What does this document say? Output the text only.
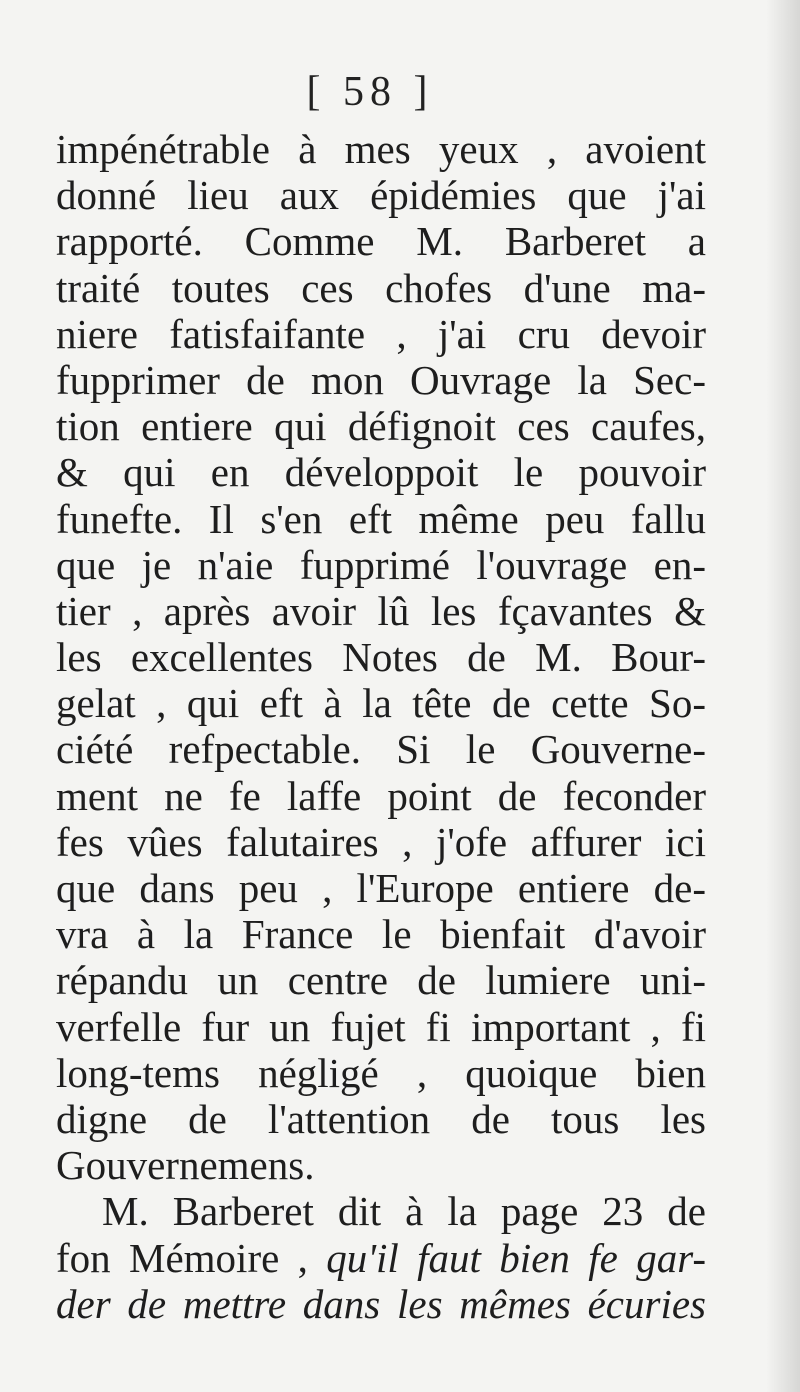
[ 58 ]
impénétrable à mes yeux , avoient
donné lieu aux épidémies que j'ai
rapporté. Comme M. Barberet a
traité toutes ces chofes d'une ma-
niere fatisfaifante , j'ai cru devoir
fupprimer de mon Ouvrage la Sec-
tion entiere qui défignoit ces caufes,
& qui en développoit le pouvoir
funefte. Il s'en eft même peu fallu
que je n'aie fupprimé l'ouvrage en-
tier , après avoir lû les fçavantes &
les excellentes Notes de M. Bour-
gelat , qui eft à la tête de cette So-
ciété refpectable. Si le Gouverne-
ment ne fe laffe point de feconder
fes vûes falutaires , j'ofe affurer ici
que dans peu , l'Europe entiere de-
vra à la France le bienfait d'avoir
répandu un centre de lumiere uni-
verfelle fur un fujet fi important , fi
long-tems négligé , quoique bien
digne de l'attention de tous les
Gouvernemens.
M. Barberet dit à la page 23 de
fon Mémoire , qu'il faut bien fe gar-
der de mettre dans les mêmes écuries
